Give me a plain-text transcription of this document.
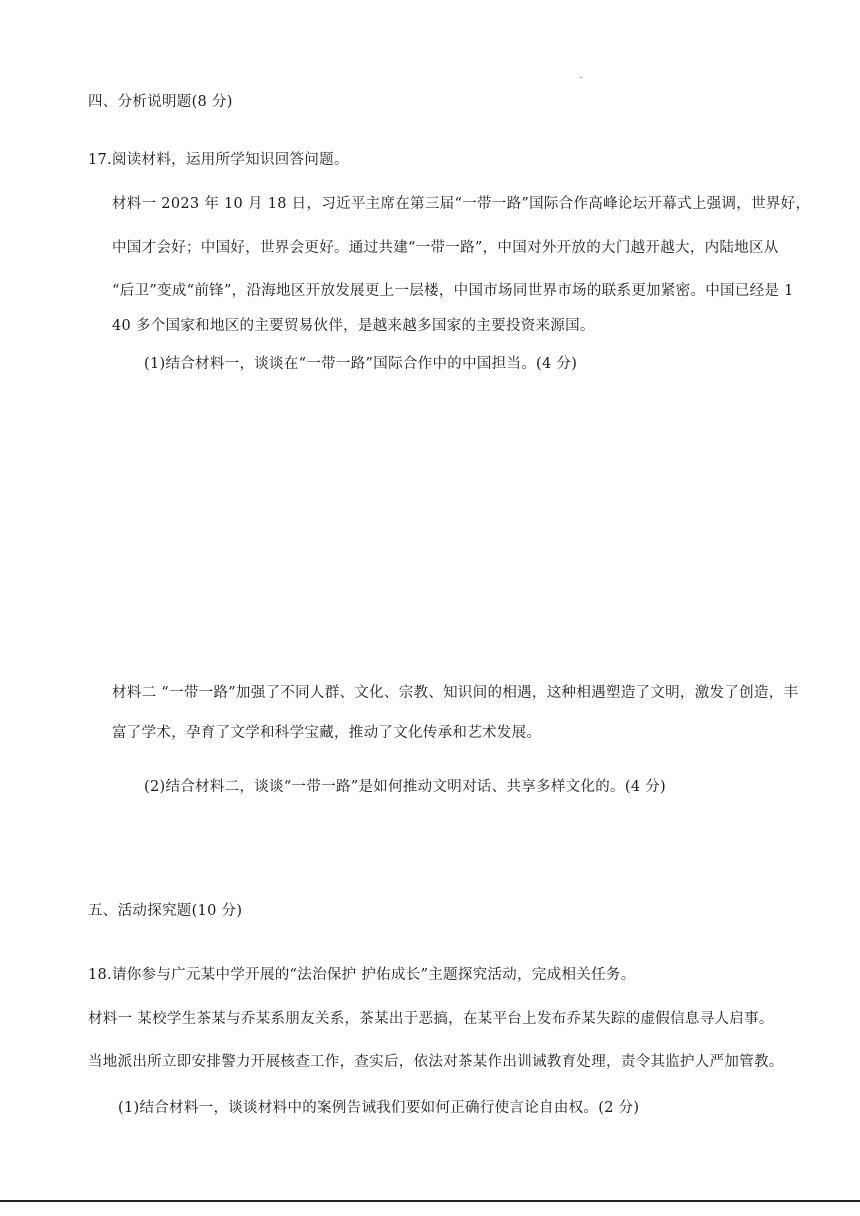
四、分析说明题(8 分)
17.阅读材料，运用所学知识回答问题。
材料一 2023 年 10 月 18 日，习近平主席在第三届“一带一路”国际合作高峰论坛开幕式上强调，世界好，
中国才会好；中国好，世界会更好。通过共建“一带一路”，中国对外开放的大门越开越大，内陆地区从
“后卫”变成“前锋”，沿海地区开放发展更上一层楼，中国市场同世界市场的联系更加紧密。中国已经是 1
40 多个国家和地区的主要贸易伙伴，是越来越多国家的主要投资来源国。
(1)结合材料一，谈谈在“一带一路”国际合作中的中国担当。(4 分)
材料二 “一带一路”加强了不同人群、文化、宗教、知识间的相遇，这种相遇塑造了文明，激发了创造，丰
富了学术，孕育了文学和科学宝藏，推动了文化传承和艺术发展。
(2)结合材料二，谈谈“一带一路”是如何推动文明对话、共享多样文化的。(4 分)
五、活动探究题(10 分)
18.请你参与广元某中学开展的“法治保护 护佑成长”主题探究活动，完成相关任务。
材料一 某校学生茶某与乔某系朋友关系，茶某出于恶搞，在某平台上发布乔某失踪的虚假信息寻人启事。
当地派出所立即安排警力开展核查工作，查实后，依法对茶某作出训诫教育处理，责令其监护人严加管教。
(1)结合材料一，谈谈材料中的案例告诫我们要如何正确行使言论自由权。(2 分)
